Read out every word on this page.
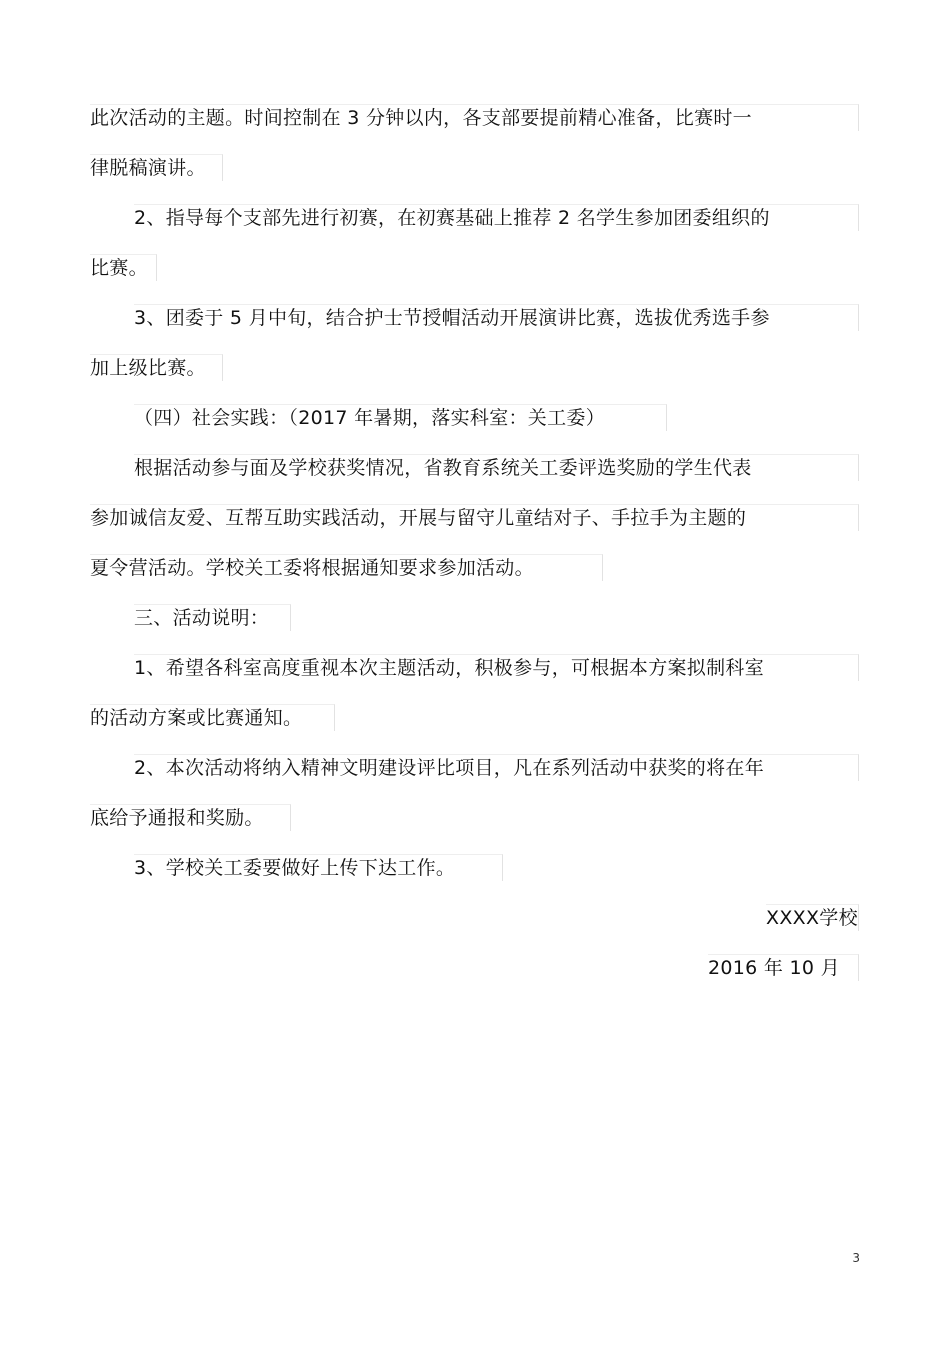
此次活动的主题。时间控制在 3 分钟以内，各支部要提前精心准备，比赛时一
律脱稿演讲。
2、指导每个支部先进行初赛，在初赛基础上推荐 2 名学生参加团委组织的
比赛。
3、团委于 5 月中旬，结合护士节授帽活动开展演讲比赛，选拔优秀选手参
加上级比赛。
（四）社会实践：（2017 年暑期，落实科室：关工委）
根据活动参与面及学校获奖情况，省教育系统关工委评选奖励的学生代表
参加诚信友爱、互帮互助实践活动，开展与留守儿童结对子、手拉手为主题的
夏令营活动。学校关工委将根据通知要求参加活动。
三、活动说明：
1、希望各科室高度重视本次主题活动，积极参与，可根据本方案拟制科室
的活动方案或比赛通知。
2、本次活动将纳入精神文明建设评比项目，凡在系列活动中获奖的将在年
底给予通报和奖励。
3、学校关工委要做好上传下达工作。
XXXX学校
2016 年 10 月
3
